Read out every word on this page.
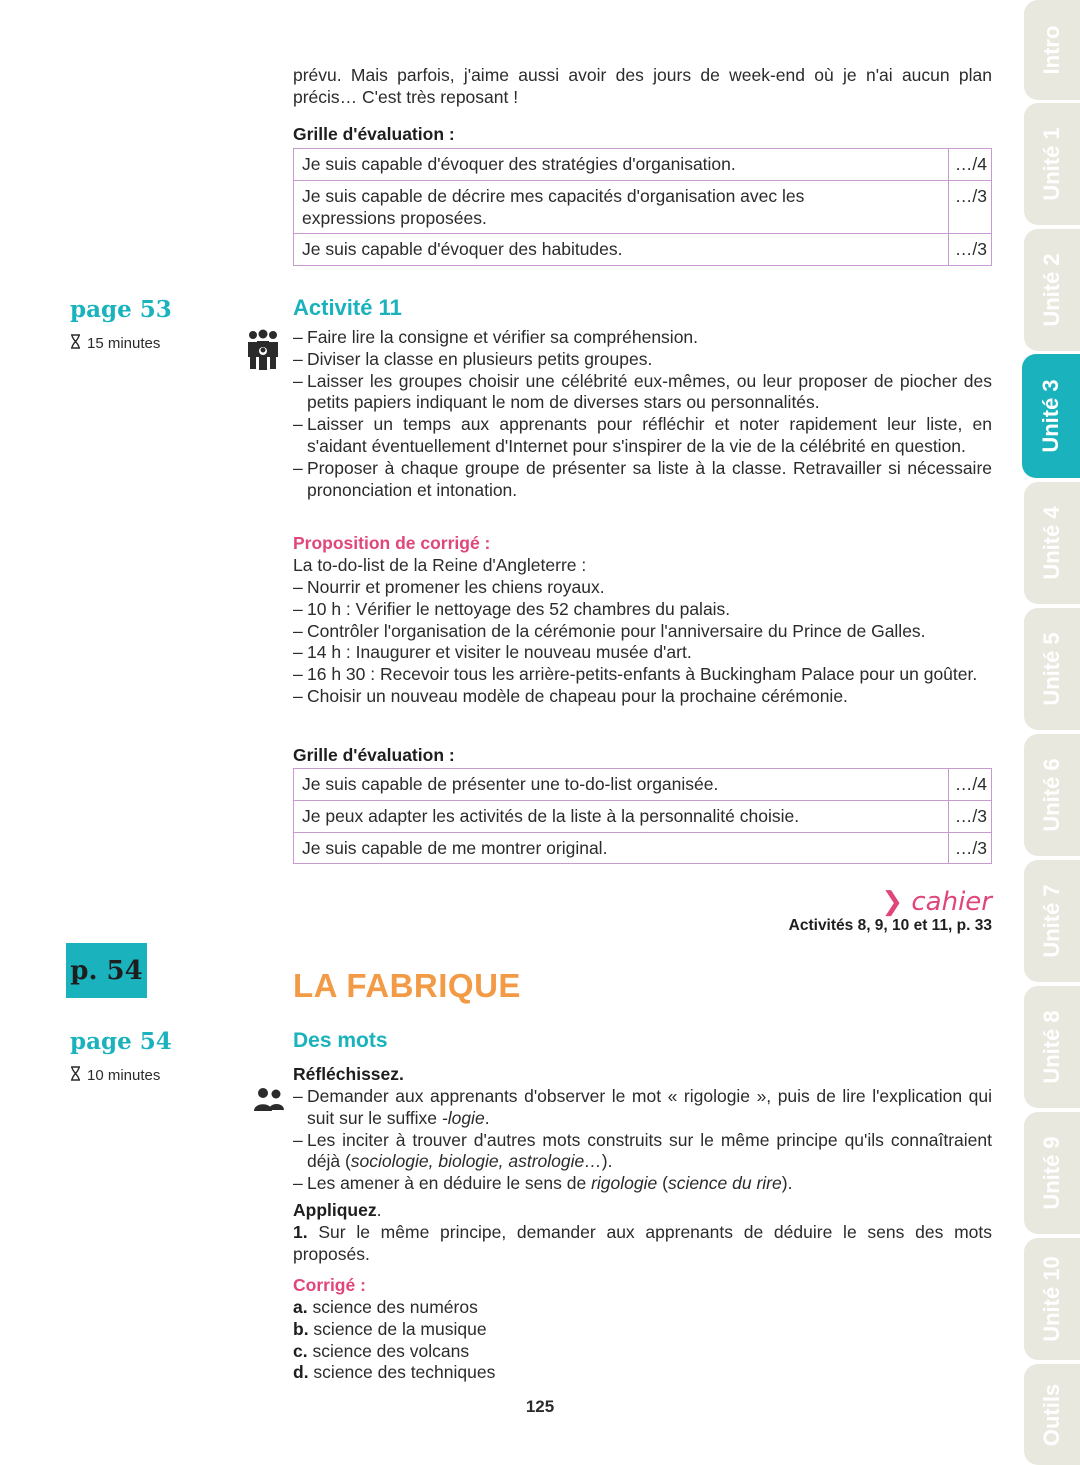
prévu. Mais parfois, j'aime aussi avoir des jours de week-end où je n'ai aucun plan précis… C'est très reposant !
Grille d'évaluation :
Je suis capable d'évoquer des stratégies d'organisation.	…/4
Je suis capable de décrire mes capacités d'organisation avec les expressions proposées.	…/3
Je suis capable d'évoquer des habitudes.	…/3
page 53
15 minutes
Activité 11
– Faire lire la consigne et vérifier sa compréhension.
– Diviser la classe en plusieurs petits groupes.
– Laisser les groupes choisir une célébrité eux-mêmes, ou leur proposer de piocher des petits papiers indiquant le nom de diverses stars ou personnalités.
– Laisser un temps aux apprenants pour réfléchir et noter rapidement leur liste, en s'aidant éventuellement d'Internet pour s'inspirer de la vie de la célébrité en question.
– Proposer à chaque groupe de présenter sa liste à la classe. Retravailler si nécessaire prononciation et intonation.
Proposition de corrigé :
La to-do-list de la Reine d'Angleterre :
– Nourrir et promener les chiens royaux.
– 10 h : Vérifier le nettoyage des 52 chambres du palais.
– Contrôler l'organisation de la cérémonie pour l'anniversaire du Prince de Galles.
– 14 h : Inaugurer et visiter le nouveau musée d'art.
– 16 h 30 : Recevoir tous les arrière-petits-enfants à Buckingham Palace pour un goûter.
– Choisir un nouveau modèle de chapeau pour la prochaine cérémonie.
Grille d'évaluation :
Je suis capable de présenter une to-do-list organisée.	…/4
Je peux adapter les activités de la liste à la personnalité choisie.	…/3
Je suis capable de me montrer original.	…/3
❯ cahier
Activités 8, 9, 10 et 11, p. 33
p. 54	LA FABRIQUE
Des mots
page 54
10 minutes	Réfléchissez.
– Demander aux apprenants d'observer le mot « rigologie », puis de lire l'explication qui suit sur le suffixe -logie.
– Les inciter à trouver d'autres mots construits sur le même principe qu'ils connaîtraient déjà (sociologie, biologie, astrologie…).
– Les amener à en déduire le sens de rigologie (science du rire).
Appliquez.
1. Sur le même principe, demander aux apprenants de déduire le sens des mots proposés.
Corrigé :
a. science des numéros
b. science de la musique
c. science des volcans
d. science des techniques
125
Intro
Unité 1
Unité 2
Unité 3
Unité 4
Unité 5
Unité 6
Unité 7
Unité 8
Unité 9
Unité 10
Outils
